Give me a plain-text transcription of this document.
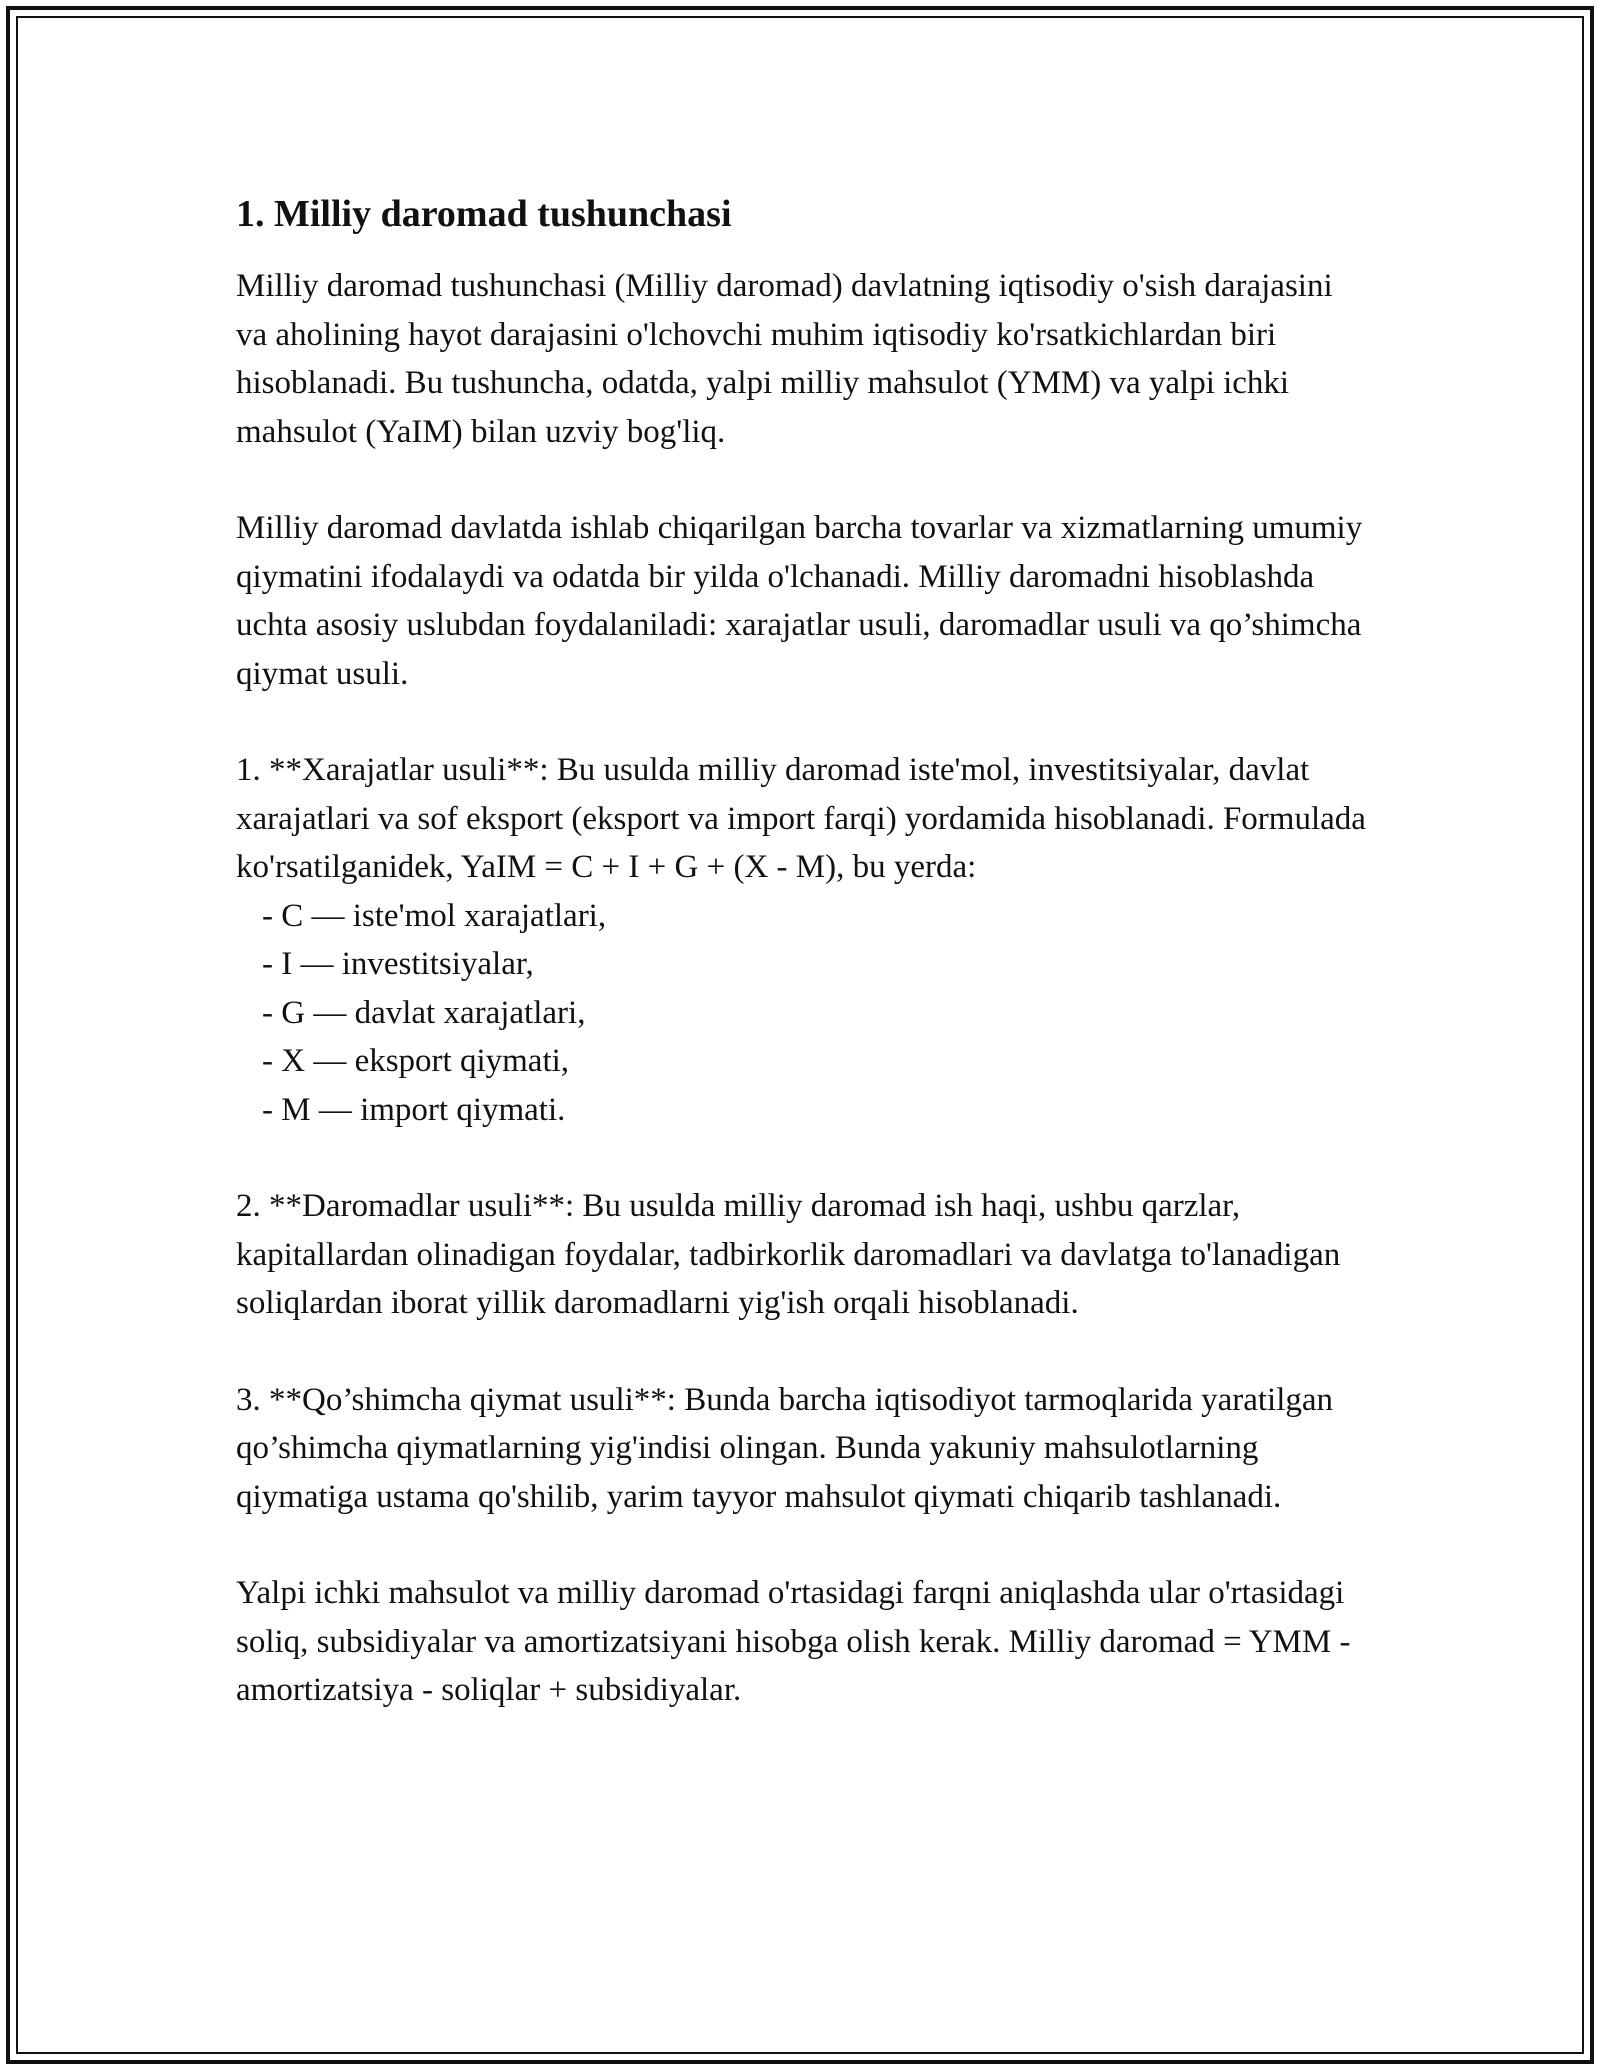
1. Milliy daromad tushunchasi

Milliy daromad tushunchasi (Milliy daromad) davlatning iqtisodiy o'sish darajasini va aholining hayot darajasini o'lchovchi muhim iqtisodiy ko'rsatkichlardan biri hisoblanadi. Bu tushuncha, odatda, yalpi milliy mahsulot (YMM) va yalpi ichki mahsulot (YaIM) bilan uzviy bog'liq.

Milliy daromad davlatda ishlab chiqarilgan barcha tovarlar va xizmatlarning umumiy qiymatini ifodalaydi va odatda bir yilda o'lchanadi. Milliy daromadni hisoblashda uchta asosiy uslubdan foydalaniladi: xarajatlar usuli, daromadlar usuli va qo’shimcha qiymat usuli.

1. **Xarajatlar usuli**: Bu usulda milliy daromad iste'mol, investitsiyalar, davlat xarajatlari va sof eksport (eksport va import farqi) yordamida hisoblanadi. Formulada ko'rsatilganidek, YaIM = C + I + G + (X - M), bu yerda:

- C — iste'mol xarajatlari,

- I — investitsiyalar,

- G — davlat xarajatlari,

- X — eksport qiymati,

- M — import qiymati.

2. **Daromadlar usuli**: Bu usulda milliy daromad ish haqi, ushbu qarzlar, kapitallardan olinadigan foydalar, tadbirkorlik daromadlari va davlatga to'lanadigan soliqlardan iborat yillik daromadlarni yig'ish orqali hisoblanadi.

3. **Qo’shimcha qiymat usuli**: Bunda barcha iqtisodiyot tarmoqlarida yaratilgan qo’shimcha qiymatlarning yig'indisi olingan. Bunda yakuniy mahsulotlarning qiymatiga ustama qo'shilib, yarim tayyor mahsulot qiymati chiqarib tashlanadi.

Yalpi ichki mahsulot va milliy daromad o'rtasidagi farqni aniqlashda ular o'rtasidagi soliq, subsidiyalar va amortizatsiyani hisobga olish kerak. Milliy daromad = YMM - amortizatsiya - soliqlar + subsidiyalar.
